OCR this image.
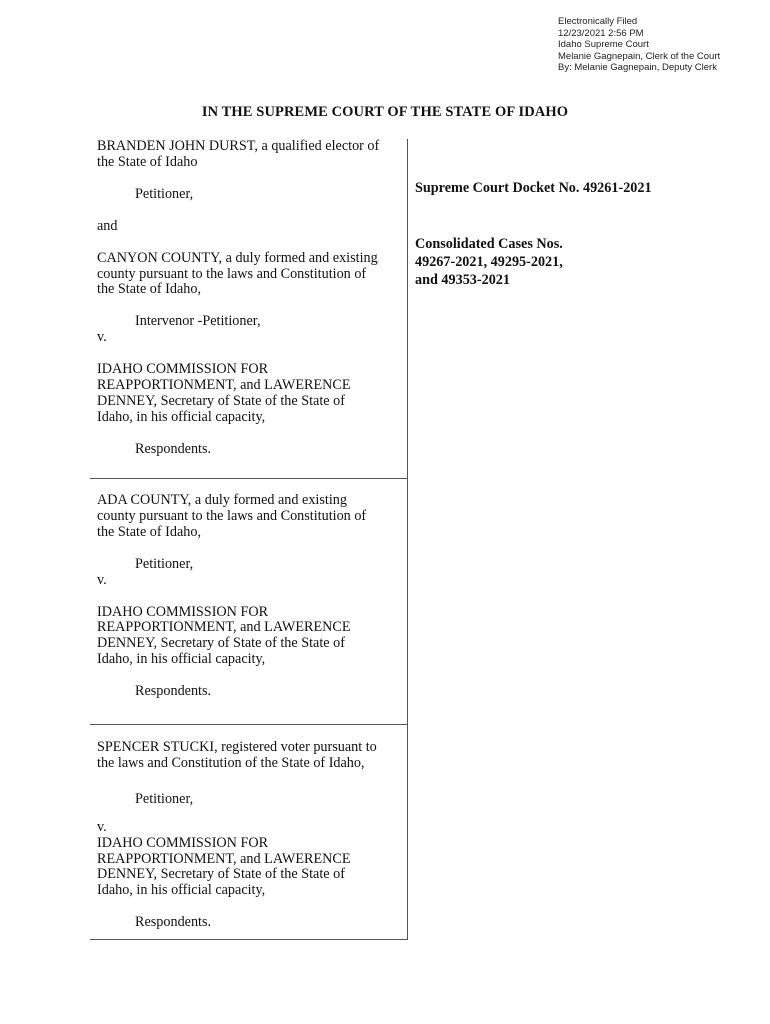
Electronically Filed
12/23/2021 2:56 PM
Idaho Supreme Court
Melanie Gagnepain, Clerk of the Court
By: Melanie Gagnepain, Deputy Clerk
IN THE SUPREME COURT OF THE STATE OF IDAHO
BRANDEN JOHN DURST, a qualified elector of
the State of Idaho
Petitioner,
and
CANYON COUNTY, a duly formed and existing
county pursuant to the laws and Constitution of
the State of Idaho,
Intervenor -Petitioner,
v.
IDAHO COMMISSION FOR
REAPPORTIONMENT, and LAWERENCE
DENNEY, Secretary of State of the State of
Idaho, in his official capacity,
Respondents.
ADA COUNTY, a duly formed and existing
county pursuant to the laws and Constitution of
the State of Idaho,
Petitioner,
v.
IDAHO COMMISSION FOR
REAPPORTIONMENT, and LAWERENCE
DENNEY, Secretary of State of the State of
Idaho, in his official capacity,
Respondents.
SPENCER STUCKI, registered voter pursuant to
the laws and Constitution of the State of Idaho,
Petitioner,
v.
IDAHO COMMISSION FOR
REAPPORTIONMENT, and LAWERENCE
DENNEY, Secretary of State of the State of
Idaho, in his official capacity,
Respondents.
Supreme Court Docket No. 49261-2021
Consolidated Cases Nos.
49267-2021, 49295-2021,
and 49353-2021
